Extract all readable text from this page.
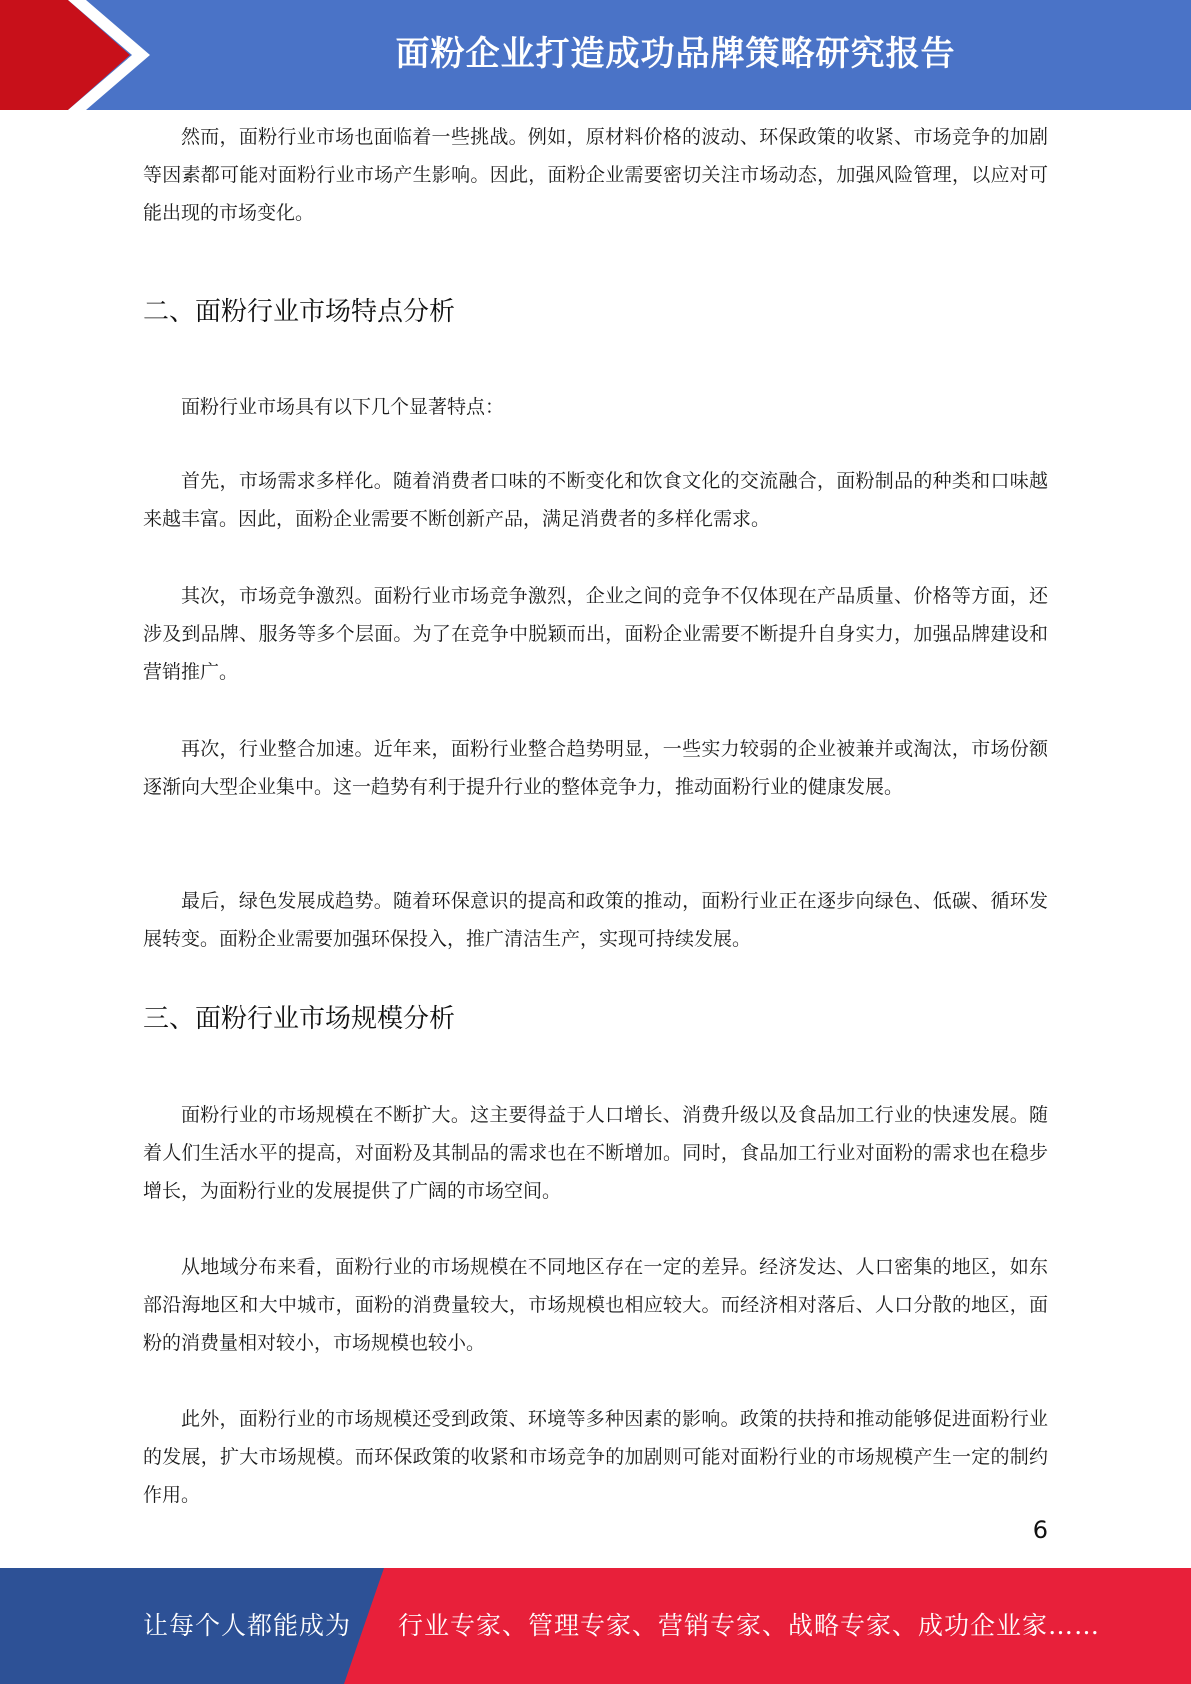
面粉企业打造成功品牌策略研究报告

然而，面粉行业市场也面临着一些挑战。例如，原材料价格的波动、环保政策的收紧、市场竞争的加剧等因素都可能对面粉行业市场产生影响。因此，面粉企业需要密切关注市场动态，加强风险管理，以应对可能出现的市场变化。

二、面粉行业市场特点分析

面粉行业市场具有以下几个显著特点：

首先，市场需求多样化。随着消费者口味的不断变化和饮食文化的交流融合，面粉制品的种类和口味越来越丰富。因此，面粉企业需要不断创新产品，满足消费者的多样化需求。

其次，市场竞争激烈。面粉行业市场竞争激烈，企业之间的竞争不仅体现在产品质量、价格等方面，还涉及到品牌、服务等多个层面。为了在竞争中脱颖而出，面粉企业需要不断提升自身实力，加强品牌建设和营销推广。

再次，行业整合加速。近年来，面粉行业整合趋势明显，一些实力较弱的企业被兼并或淘汰，市场份额逐渐向大型企业集中。这一趋势有利于提升行业的整体竞争力，推动面粉行业的健康发展。

最后，绿色发展成趋势。随着环保意识的提高和政策的推动，面粉行业正在逐步向绿色、低碳、循环发展转变。面粉企业需要加强环保投入，推广清洁生产，实现可持续发展。

三、面粉行业市场规模分析

面粉行业的市场规模在不断扩大。这主要得益于人口增长、消费升级以及食品加工行业的快速发展。随着人们生活水平的提高，对面粉及其制品的需求也在不断增加。同时，食品加工行业对面粉的需求也在稳步增长，为面粉行业的发展提供了广阔的市场空间。

从地域分布来看，面粉行业的市场规模在不同地区存在一定的差异。经济发达、人口密集的地区，如东部沿海地区和大中城市，面粉的消费量较大，市场规模也相应较大。而经济相对落后、人口分散的地区，面粉的消费量相对较小，市场规模也较小。

此外，面粉行业的市场规模还受到政策、环境等多种因素的影响。政策的扶持和推动能够促进面粉行业的发展，扩大市场规模。而环保政策的收紧和市场竞争的加剧则可能对面粉行业的市场规模产生一定的制约作用。

6
让每个人都能成为 行业专家、管理专家、营销专家、战略专家、成功企业家……
